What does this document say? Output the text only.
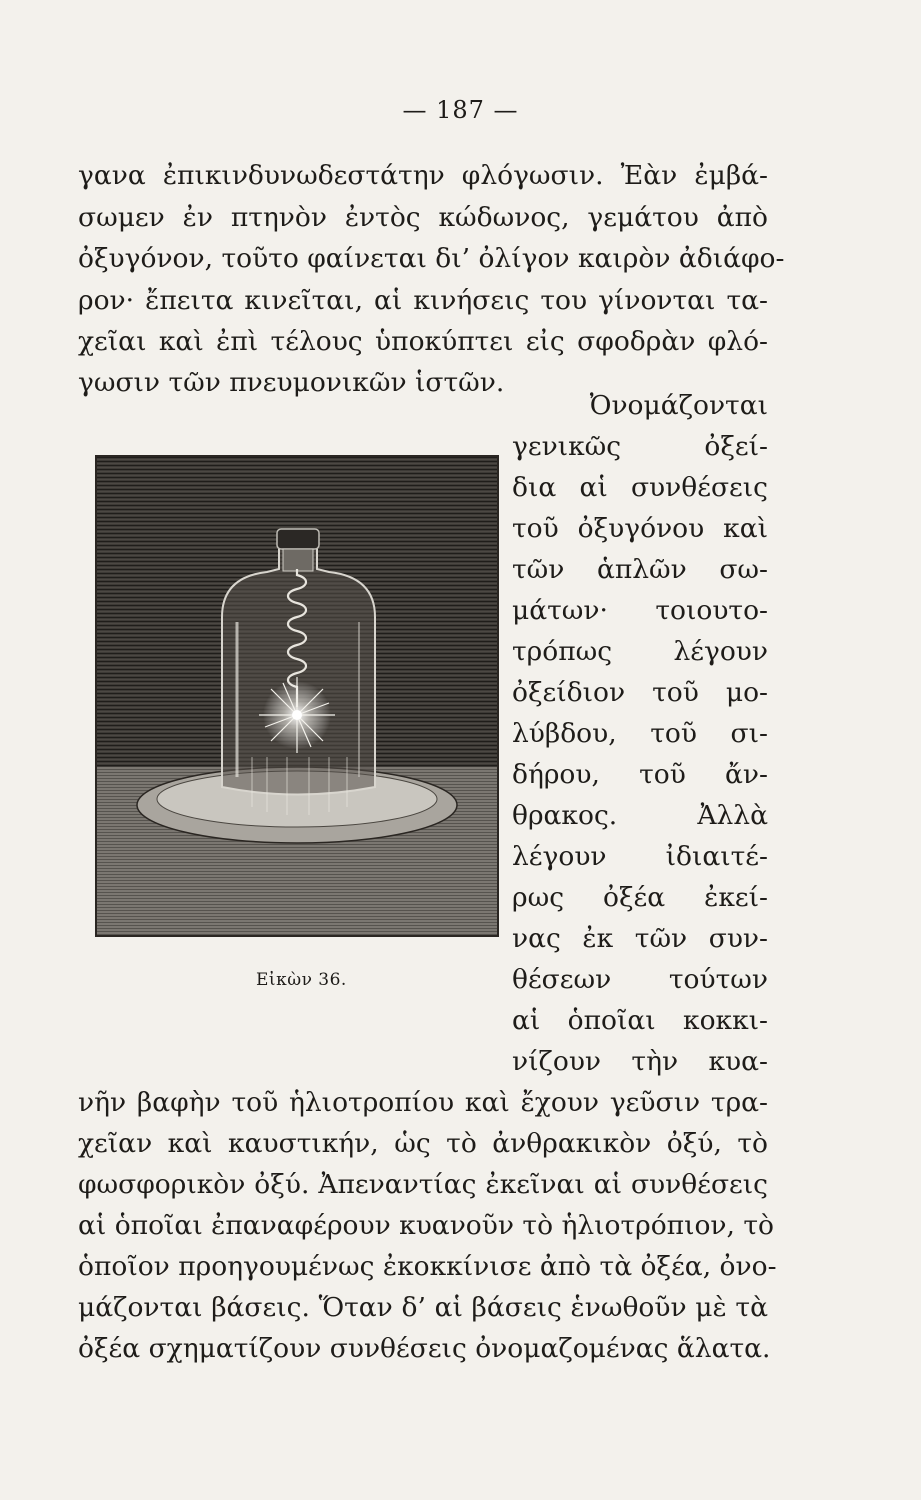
— 187 —
γανα ἐπικινδυνωδεστάτην φλόγωσιν. Ἐὰν ἐμβά-
σωμεν ἐν πτηνὸν ἐντὸς κώδωνος, γεμάτου ἀπὸ
ὀξυγόνον, τοῦτο φαίνεται δι’ ὀλίγον καιρὸν ἀδιάφο-
ρον· ἔπειτα κινεῖται, αἱ κινήσεις του γίνονται τα-
χεῖαι καὶ ἐπὶ τέλους ὑποκύπτει εἰς σφοδρὰν φλό-
γωσιν τῶν πνευμονικῶν ἱστῶν.
Ὀνομάζονται
γενικῶς ὀξεί-
δια αἱ συνθέσεις
τοῦ ὀξυγόνου καὶ
τῶν ἁπλῶν σω-
μάτων· τοιουτο-
τρόπως λέγουν
ὀξείδιον τοῦ μο-
λύβδου, τοῦ σι-
δήρου, τοῦ ἄν-
θρακος. Ἀλλὰ
λέγουν ἰδιαιτέ-
ρως ὀξέα ἐκεί-
νας ἐκ τῶν συν-
θέσεων τούτων
αἱ ὁποῖαι κοκκι-
νίζουν τὴν κυα-
νῆν βαφὴν τοῦ ἡλιοτροπίου καὶ ἔχουν γεῦσιν τρα-
χεῖαν καὶ καυστικήν, ὡς τὸ ἀνθρακικὸν ὀξύ, τὸ
φωσφορικὸν ὀξύ. Ἀπεναντίας ἐκεῖναι αἱ συνθέσεις
αἱ ὁποῖαι ἐπαναφέρουν κυανοῦν τὸ ἡλιοτρόπιον, τὸ
ὁποῖον προηγουμένως ἐκοκκίνισε ἀπὸ τὰ ὀξέα, ὀνο-
μάζονται βάσεις. Ὅταν δ’ αἱ βάσεις ἑνωθοῦν μὲ τὰ
ὀξέα σχηματίζουν συνθέσεις ὀνομαζομένας ἅλατα.
Εἰκὼν 36.
